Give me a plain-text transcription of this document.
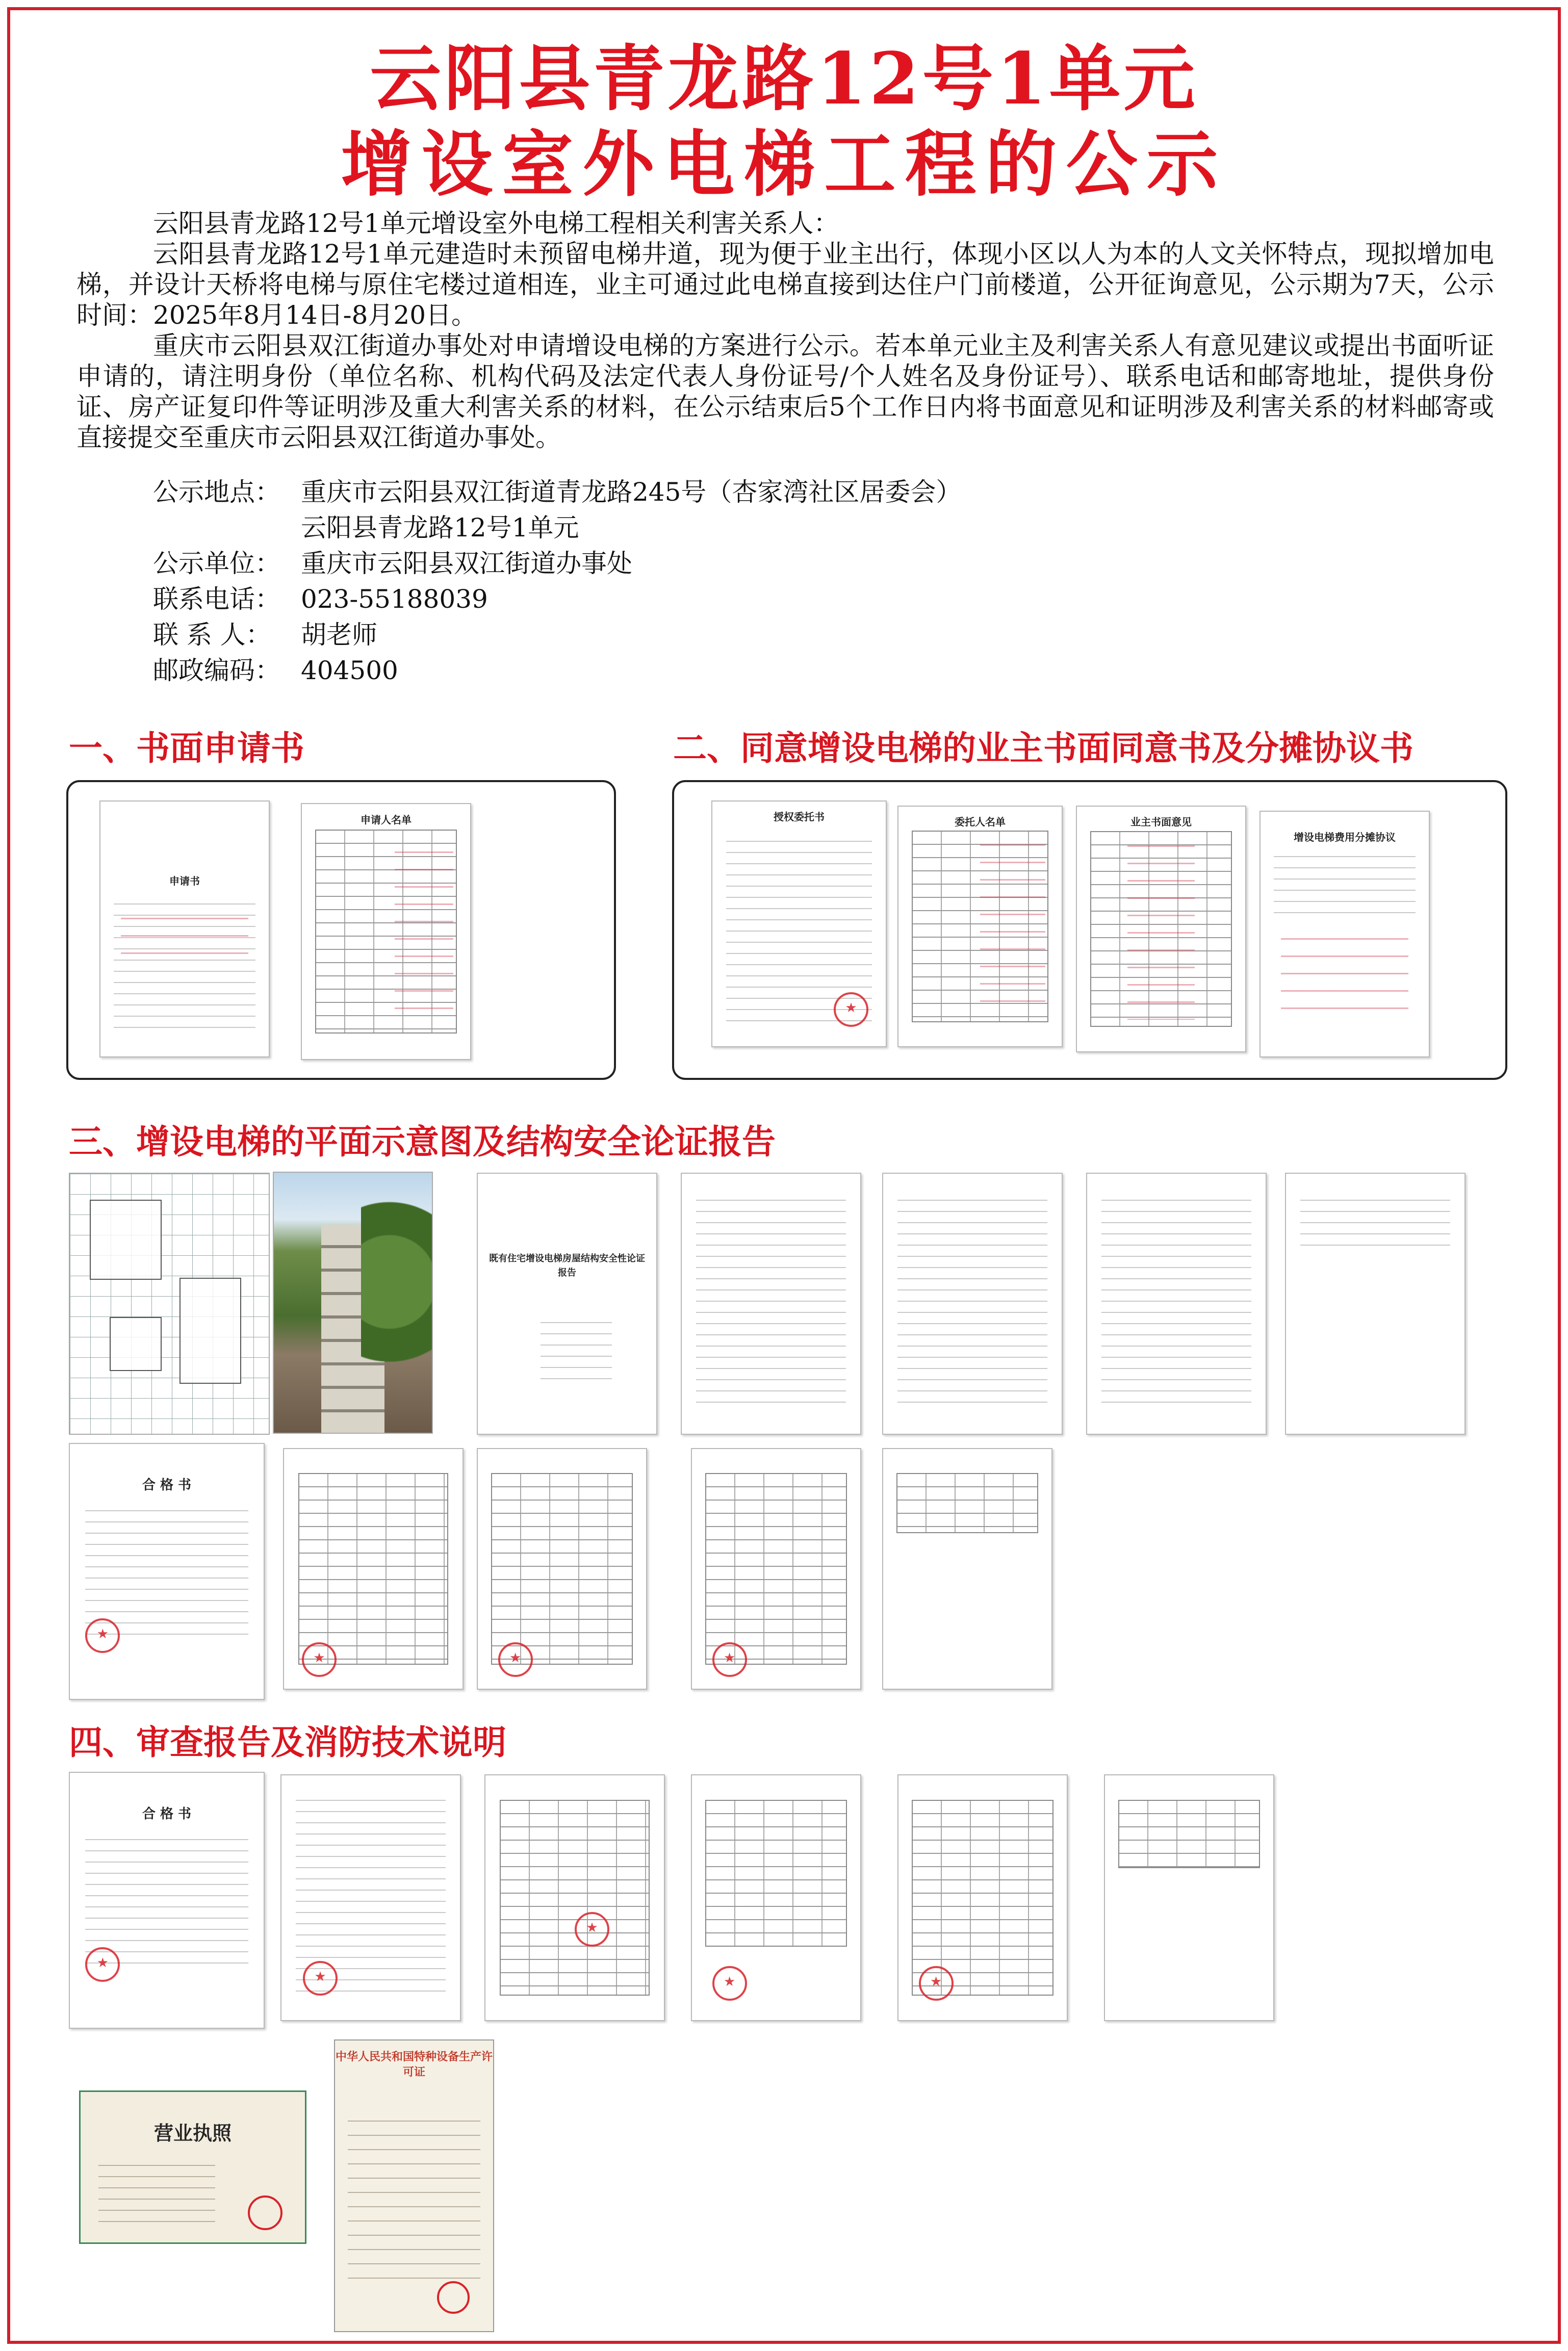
云阳县青龙路12号1单元
增设室外电梯工程的公示

云阳县青龙路12号1单元增设室外电梯工程相关利害关系人：

云阳县青龙路12号1单元建造时未预留电梯井道，现为便于业主出行，体现小区以人为本的人文关怀特点，现拟增加电梯，并设计天桥将电梯与原住宅楼过道相连，业主可通过此电梯直接到达住户门前楼道，公开征询意见，公示期为7天，公示时间：2025年8月14日-8月20日。

重庆市云阳县双江街道办事处对申请增设电梯的方案进行公示。若本单元业主及利害关系人有意见建议或提出书面听证申请的，请注明身份（单位名称、机构代码及法定代表人身份证号/个人姓名及身份证号）、联系电话和邮寄地址，提供身份证、房产证复印件等证明涉及重大利害关系的材料，在公示结束后5个工作日内将书面意见和证明涉及利害关系的材料邮寄或直接提交至重庆市云阳县双江街道办事处。

公示地点： 重庆市云阳县双江街道青龙路245号（杏家湾社区居委会）
云阳县青龙路12号1单元
公示单位： 重庆市云阳县双江街道办事处
联系电话： 023-55188039
联 系 人： 胡老师
邮政编码： 404500
一、书面申请书
申请书
申请人名单
二、同意增设电梯的业主书面同意书及分摊协议书
授权委托书
★	委托人名单	业主书面意见
增设电梯费用分摊协议
三、增设电梯的平面示意图及结构安全论证报告
既有住宅增设电梯房屋结构安全性论证报告
合 格 书
★
★
★
★
四、审查报告及消防技术说明
合 格 书
★
★
★
★
★
营业执照
中华人民共和国特种设备生产许可证
